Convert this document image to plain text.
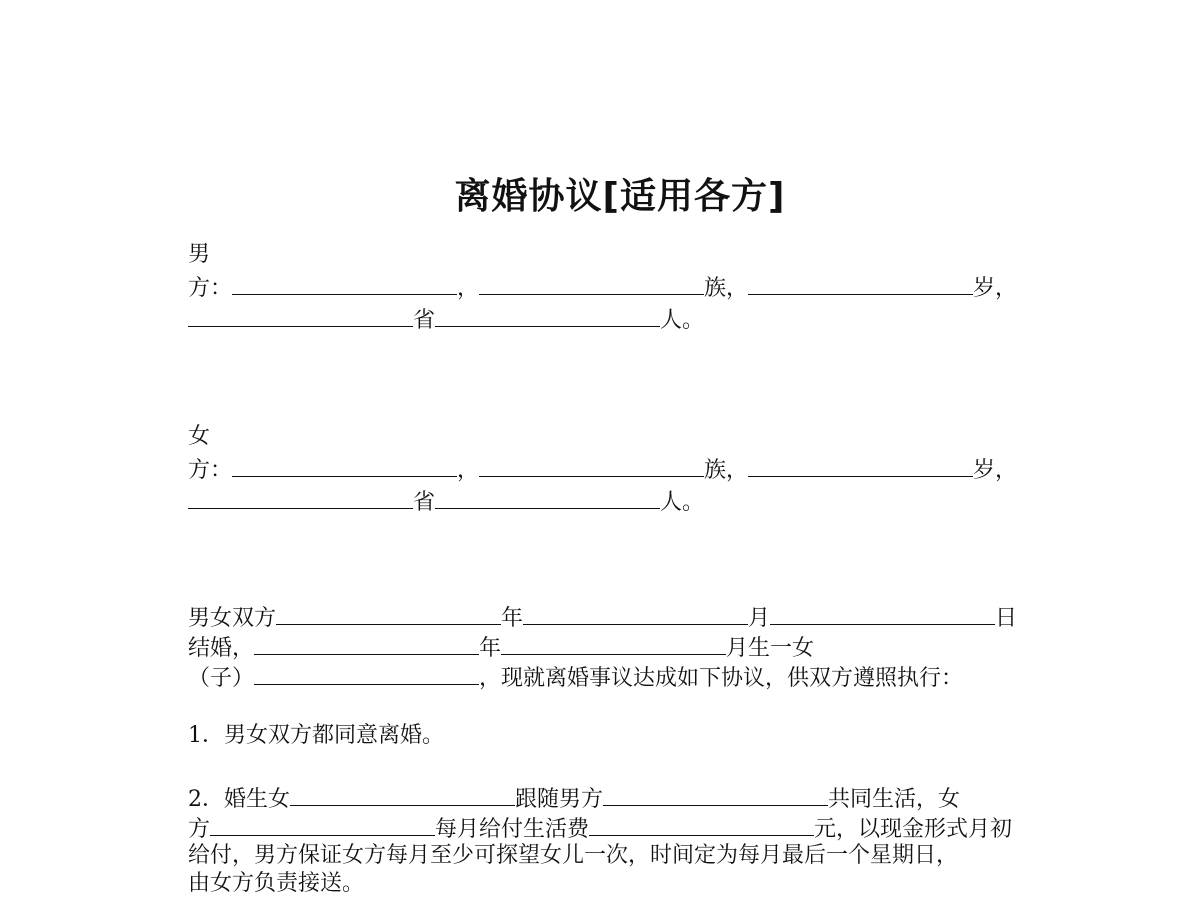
离婚协议[适用各方]
男
方：	，	族，	岁，
省	人。
女
方：	，	族，	岁，
省	人。
男女双方	年	月	日
结婚，	年	月生一女
（子）	，现就离婚事议达成如下协议，供双方遵照执行：
1．男女双方都同意离婚。
2．婚生女	跟随男方	共同生活，女
方	每月给付生活费	元，以现金形式月初
给付，男方保证女方每月至少可探望女儿一次，时间定为每月最后一个星期日，
由女方负责接送。
